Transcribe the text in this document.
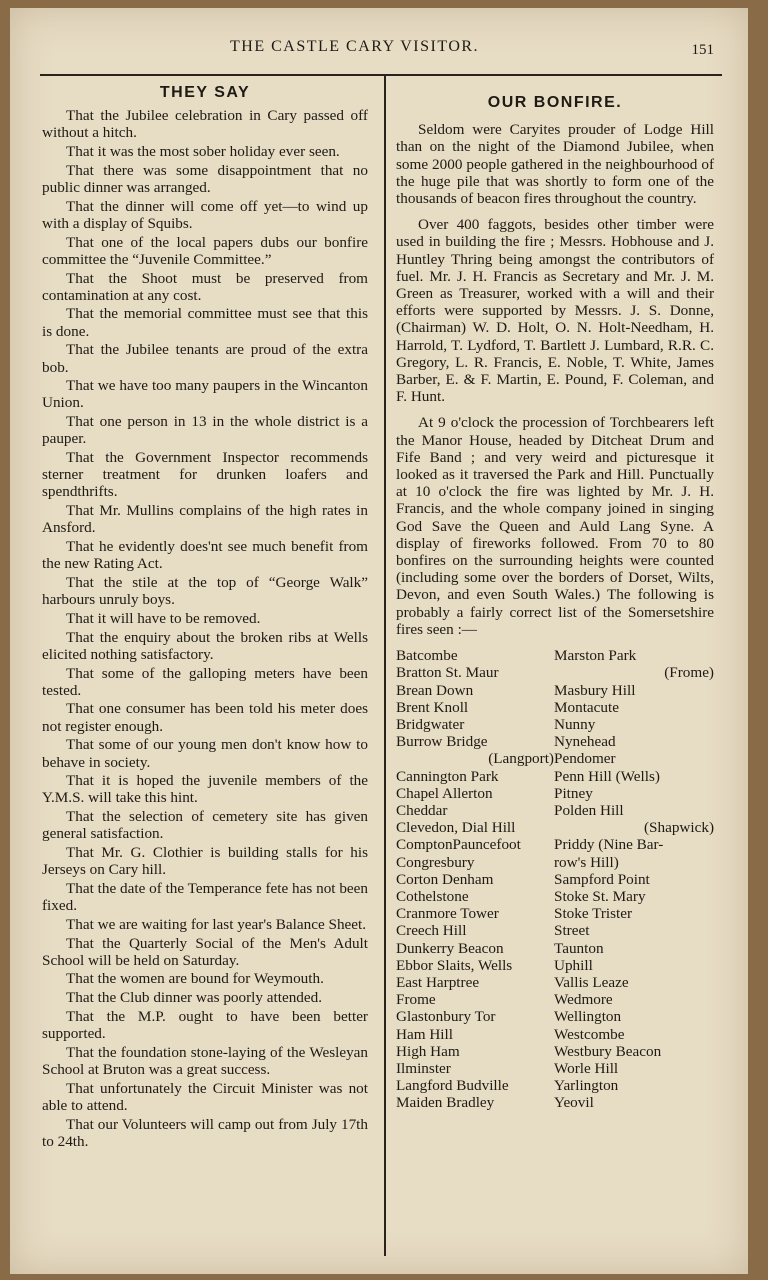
THE CASTLE CARY VISITOR.	151
THEY SAY

That the Jubilee celebration in Cary passed off without a hitch.

That it was the most sober holiday ever seen.

That there was some disappointment that no public dinner was arranged.

That the dinner will come off yet—to wind up with a display of Squibs.

That one of the local papers dubs our bonfire committee the “Juvenile Committee.”

That the Shoot must be preserved from contamination at any cost.

That the memorial committee must see that this is done.

That the Jubilee tenants are proud of the extra bob.

That we have too many paupers in the Wincanton Union.

That one person in 13 in the whole district is a pauper.

That the Government Inspector recommends sterner treatment for drunken loafers and spendthrifts.

That Mr. Mullins complains of the high rates in Ansford.

That he evidently does'nt see much benefit from the new Rating Act.

That the stile at the top of “George Walk” harbours unruly boys.

That it will have to be removed.

That the enquiry about the broken ribs at Wells elicited nothing satisfactory.

That some of the galloping meters have been tested.

That one consumer has been told his meter does not register enough.

That some of our young men don't know how to behave in society.

That it is hoped the juvenile members of the Y.M.S. will take this hint.

That the selection of cemetery site has given general satisfaction.

That Mr. G. Clothier is building stalls for his Jerseys on Cary hill.

That the date of the Temperance fete has not been fixed.

That we are waiting for last year's Balance Sheet.

That the Quarterly Social of the Men's Adult School will be held on Saturday.

That the women are bound for Weymouth.

That the Club dinner was poorly attended.

That the M.P. ought to have been better supported.

That the foundation stone-laying of the Wesleyan School at Bruton was a great success.

That unfortunately the Circuit Minister was not able to attend.

That our Volunteers will camp out from July 17th to 24th.

OUR BONFIRE.

Seldom were Caryites prouder of Lodge Hill than on the night of the Diamond Jubilee, when some 2000 people gathered in the neighbourhood of the huge pile that was shortly to form one of the thousands of beacon fires throughout the country.

Over 400 faggots, besides other timber were used in building the fire ; Messrs. Hobhouse and J. Huntley Thring being amongst the contributors of fuel. Mr. J. H. Francis as Secretary and Mr. J. M. Green as Treasurer, worked with a will and their efforts were supported by Messrs. J. S. Donne, (Chairman) W. D. Holt, O. N. Holt-Needham, H. Harrold, T. Lydford, T. Bartlett J. Lumbard, R.R. C. Gregory, L. R. Francis, E. Noble, T. White, James Barber, E. & F. Martin, E. Pound, F. Coleman, and F. Hunt.

At 9 o'clock the procession of Torchbearers left the Manor House, headed by Ditcheat Drum and Fife Band ; and very weird and picturesque it looked as it traversed the Park and Hill. Punctually at 10 o'clock the fire was lighted by Mr. J. H. Francis, and the whole company joined in singing God Save the Queen and Auld Lang Syne. A display of fireworks followed. From 70 to 80 bonfires on the surrounding heights were counted (including some over the borders of Dorset, Wilts, Devon, and even South Wales.) The following is probably a fairly correct list of the Somersetshire fires seen :—

Batcombe	Marston Park
Bratton St. Maur	(Frome)
Brean Down	Masbury Hill
Brent Knoll	Montacute
Bridgwater	Nunny
Burrow Bridge	Nynehead
(Langport) Pendomer
Cannington Park	Penn Hill (Wells)
Chapel Allerton	Pitney
Cheddar	Polden Hill
Clevedon, Dial Hill	(Shapwick)
ComptonPauncefoot	Priddy (Nine Bar-
Congresbury	row's Hill)
Corton Denham	Sampford Point
Cothelstone	Stoke St. Mary
Cranmore Tower	Stoke Trister
Creech Hill	Street
Dunkerry Beacon	Taunton
Ebbor Slaits, Wells	Uphill
East Harptree	Vallis Leaze
Frome	Wedmore
Glastonbury Tor	Wellington
Ham Hill	Westcombe
High Ham	Westbury Beacon
Ilminster	Worle Hill
Langford Budville	Yarlington
Maiden Bradley	Yeovil
